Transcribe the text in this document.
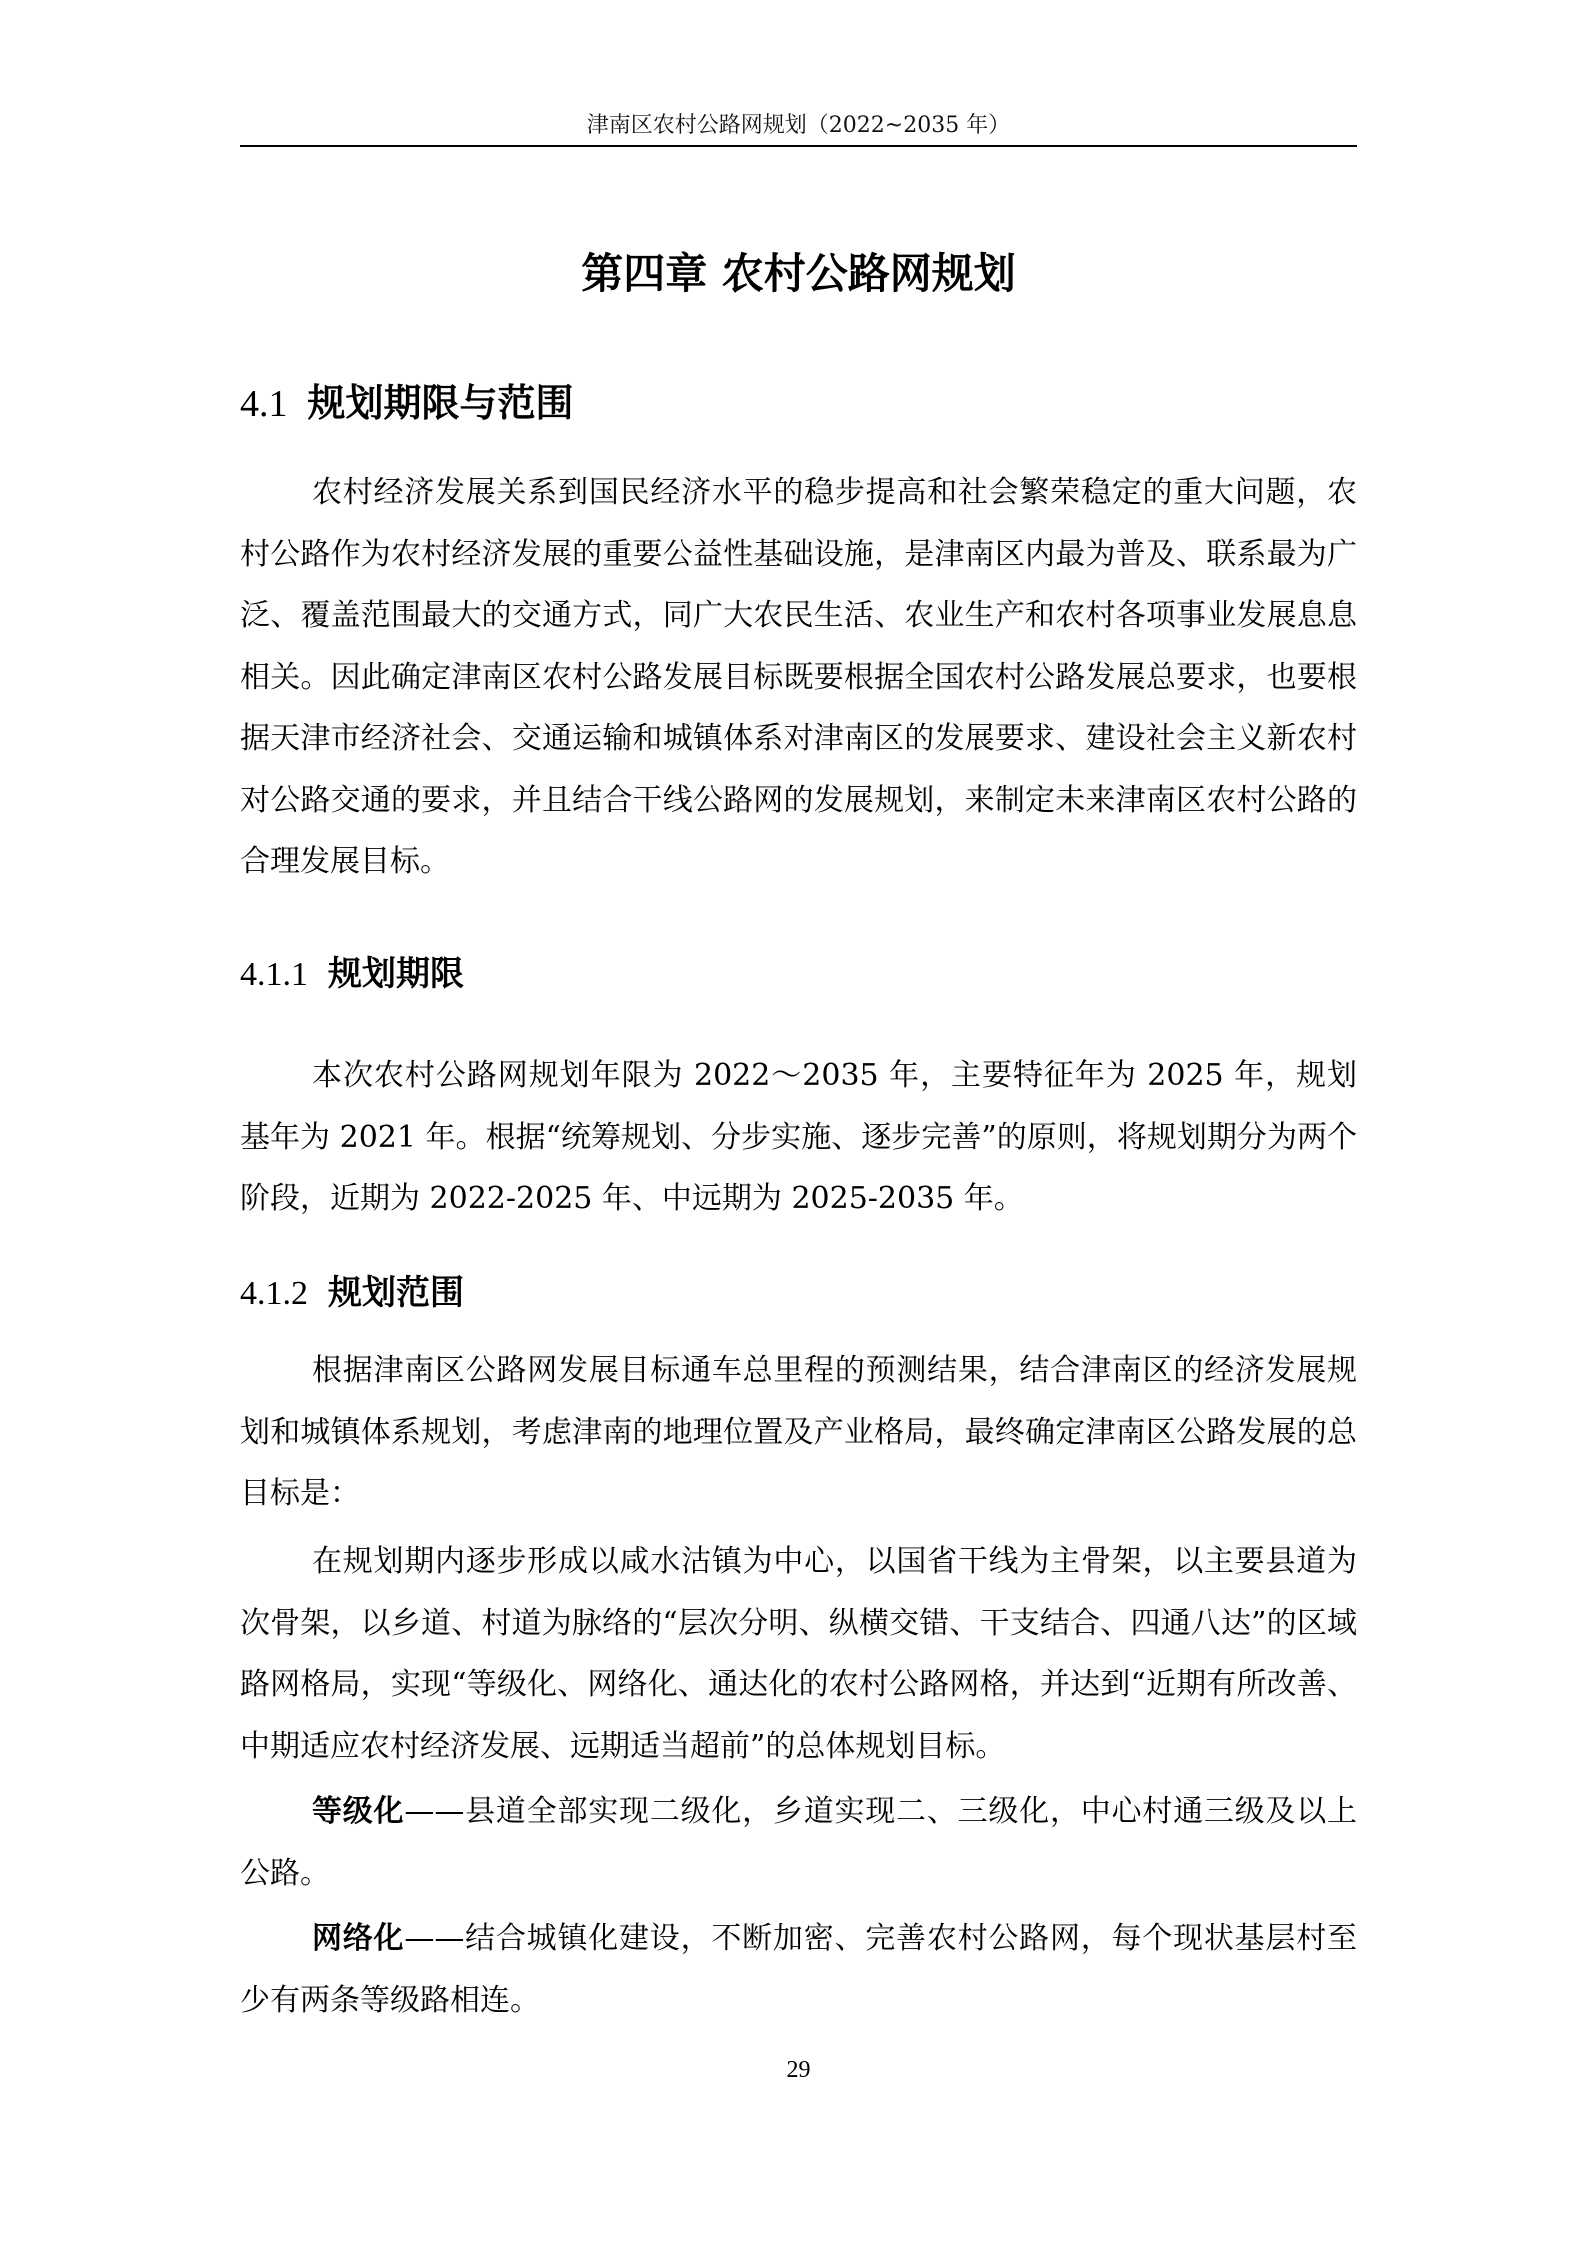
津南区农村公路网规划（2022~2035 年）
第四章 农村公路网规划
4.1 规划期限与范围
农村经济发展关系到国民经济水平的稳步提高和社会繁荣稳定的重大问题，农村公路作为农村经济发展的重要公益性基础设施，是津南区内最为普及、联系最为广泛、覆盖范围最大的交通方式，同广大农民生活、农业生产和农村各项事业发展息息相关。因此确定津南区农村公路发展目标既要根据全国农村公路发展总要求，也要根据天津市经济社会、交通运输和城镇体系对津南区的发展要求、建设社会主义新农村对公路交通的要求，并且结合干线公路网的发展规划，来制定未来津南区农村公路的合理发展目标。
4.1.1 规划期限
本次农村公路网规划年限为 2022～2035 年，主要特征年为 2025 年，规划基年为 2021 年。根据“统筹规划、分步实施、逐步完善”的原则，将规划期分为两个阶段，近期为 2022-2025 年、中远期为 2025-2035 年。
4.1.2 规划范围
根据津南区公路网发展目标通车总里程的预测结果，结合津南区的经济发展规划和城镇体系规划，考虑津南的地理位置及产业格局，最终确定津南区公路发展的总目标是：
在规划期内逐步形成以咸水沽镇为中心，以国省干线为主骨架，以主要县道为次骨架，以乡道、村道为脉络的“层次分明、纵横交错、干支结合、四通八达”的区域路网格局，实现“等级化、网络化、通达化的农村公路网格，并达到“近期有所改善、中期适应农村经济发展、远期适当超前”的总体规划目标。
等级化——县道全部实现二级化，乡道实现二、三级化，中心村通三级及以上公路。
网络化——结合城镇化建设，不断加密、完善农村公路网，每个现状基层村至少有两条等级路相连。
29
